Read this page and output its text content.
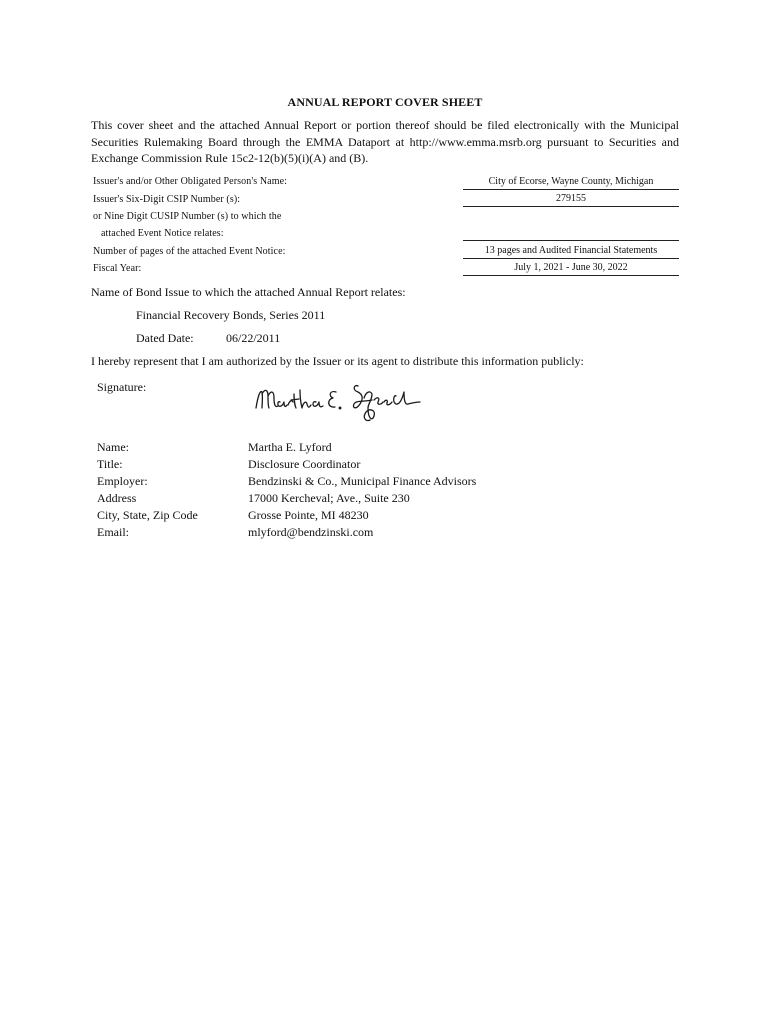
ANNUAL REPORT COVER SHEET
This cover sheet and the attached Annual Report or portion thereof should be filed electronically with the Municipal Securities Rulemaking Board through the EMMA Dataport at http://www.emma.msrb.org pursuant to Securities and Exchange Commission Rule 15c2-12(b)(5)(i)(A) and (B).
Issuer's and/or Other Obligated Person's Name:	City of Ecorse, Wayne County, Michigan
Issuer's Six-Digit CSIP Number (s):	279155
or Nine Digit CUSIP Number (s) to which the
attached Event Notice relates:
Number of pages of the attached Event Notice:	13 pages and Audited Financial Statements
Fiscal Year:	July 1, 2021 - June 30, 2022
Name of Bond Issue to which the attached Annual Report relates:
Financial Recovery Bonds, Series 2011
Dated Date:	06/22/2011
I hereby represent that I am authorized by the Issuer or its agent to distribute this information publicly:
Signature:
Name:	Martha E. Lyford
Title:	Disclosure Coordinator
Employer:	Bendzinski & Co., Municipal Finance Advisors
Address	17000 Kercheval; Ave., Suite 230
City, State, Zip Code	Grosse Pointe, MI 48230
Email:	mlyford@bendzinski.com
